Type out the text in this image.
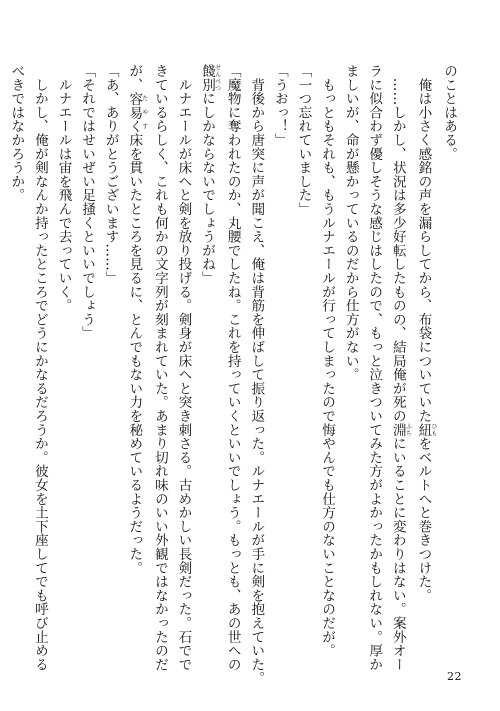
のことはある。
　俺は小さく感銘の声を漏らしてから、布袋についていた紐ひもをベルトへと巻きつけた。
　……しかし、状況は多少好転したものの、結局俺が死の淵ふちにいることに変わりはない。案外オー
ラに似合わず優しそうな感じはしたので、もっと泣きついてみた方がよかったかもしれない。厚か
ましいが、命が懸かっているのだから仕方がない。
　もっともそれも、もうルナエールが行ってしまったので悔やんでも仕方のないことなのだが。
「一つ忘れていました」
「うおっ！」
　背後から唐突に声が聞こえ、俺は背筋を伸ばして振り返った。ルナエールが手に剣を抱えていた。
「魔物に奪われたのか、丸腰でしたね。これを持っていくといいでしょう。もっとも、あの世への
餞別せんべつにしかならないでしょうがね」
　ルナエールが床へと剣を放り投げる。剣身が床へと突き刺さる。古めかしい長剣だった。石でで
きているらしく、これも何かの文字列が刻まれていた。あまり切れ味のいい外観ではなかったのだ
が、容易くたやす床を貫いたところを見るに、とんでもない力を秘めているようだった。
「あ、ありがとうございます……」
「それではせいぜい足掻くといいでしょう」
　ルナエールは宙を飛んで去っていく。
　しかし、俺が剣なんか持ったところでどうにかなるだろうか。彼女を土下座してでも呼び止める
べきではなかろうか。
22
